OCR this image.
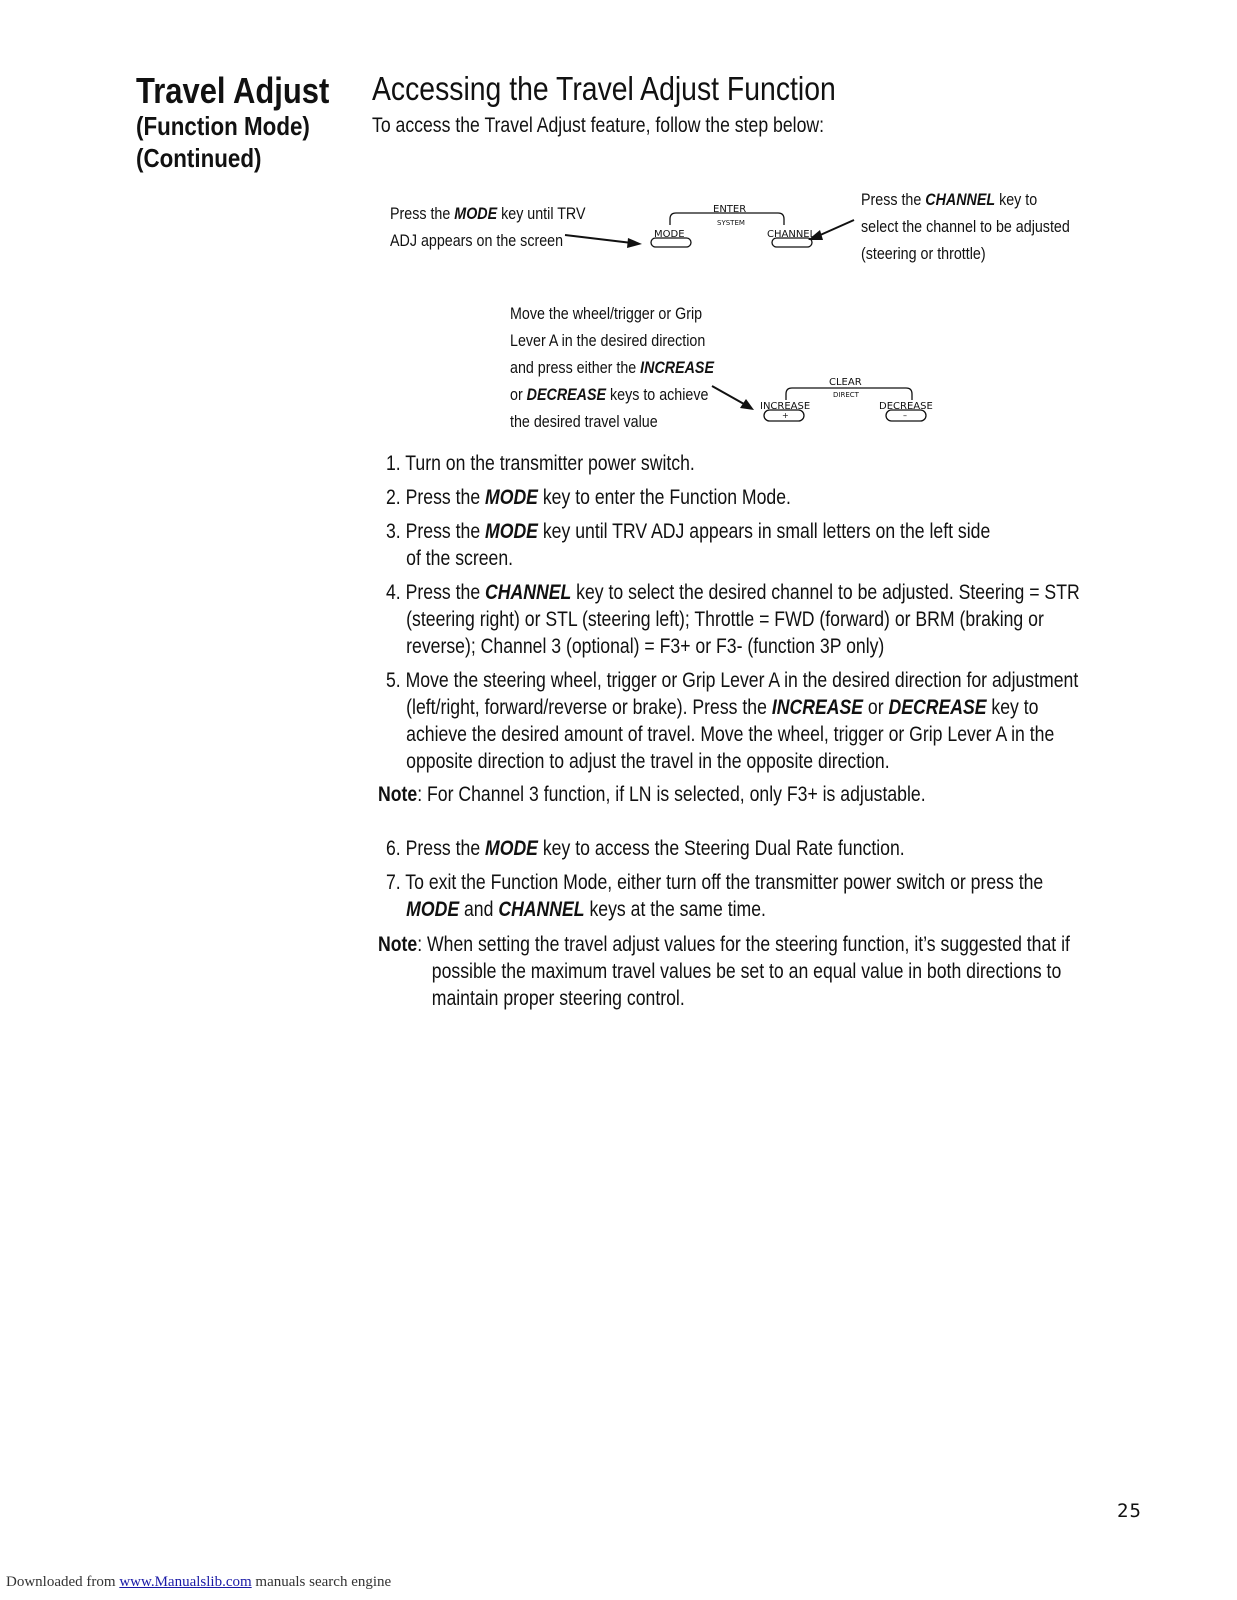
Travel Adjust
(Function Mode)
(Continued)
Accessing the Travel Adjust Function
To access the Travel Adjust feature, follow the step below:
Press the MODE key until TRV
ADJ appears on the screen
Press the CHANNEL key to
select the channel to be adjusted
(steering or throttle)
ENTER
SYSTEM
MODE	CHANNEL
Move the wheel/trigger or Grip
Lever A in the desired direction
and press either the INCREASE
or DECREASE keys to achieve
the desired travel value
CLEAR
DIRECT
INCREASE	DECREASE
+	–
1. Turn on the transmitter power switch.
2. Press the MODE key to enter the Function Mode.
3. Press the MODE key until TRV ADJ appears in small letters on the left side
of the screen.
4. Press the CHANNEL key to select the desired channel to be adjusted. Steering = STR
(steering right) or STL (steering left); Throttle = FWD (forward) or BRM (braking or
reverse); Channel 3 (optional) = F3+ or F3- (function 3P only)
5. Move the steering wheel, trigger or Grip Lever A in the desired direction for adjustment
(left/right, forward/reverse or brake). Press the INCREASE or DECREASE key to
achieve the desired amount of travel. Move the wheel, trigger or Grip Lever A in the
opposite direction to adjust the travel in the opposite direction.
Note: For Channel 3 function, if LN is selected, only F3+ is adjustable.
6. Press the MODE key to access the Steering Dual Rate function.
7. To exit the Function Mode, either turn off the transmitter power switch or press the
MODE and CHANNEL keys at the same time.
Note: When setting the travel adjust values for the steering function, it’s suggested that if
possible the maximum travel values be set to an equal value in both directions to
maintain proper steering control.
25
Downloaded from www.Manualslib.com manuals search engine
